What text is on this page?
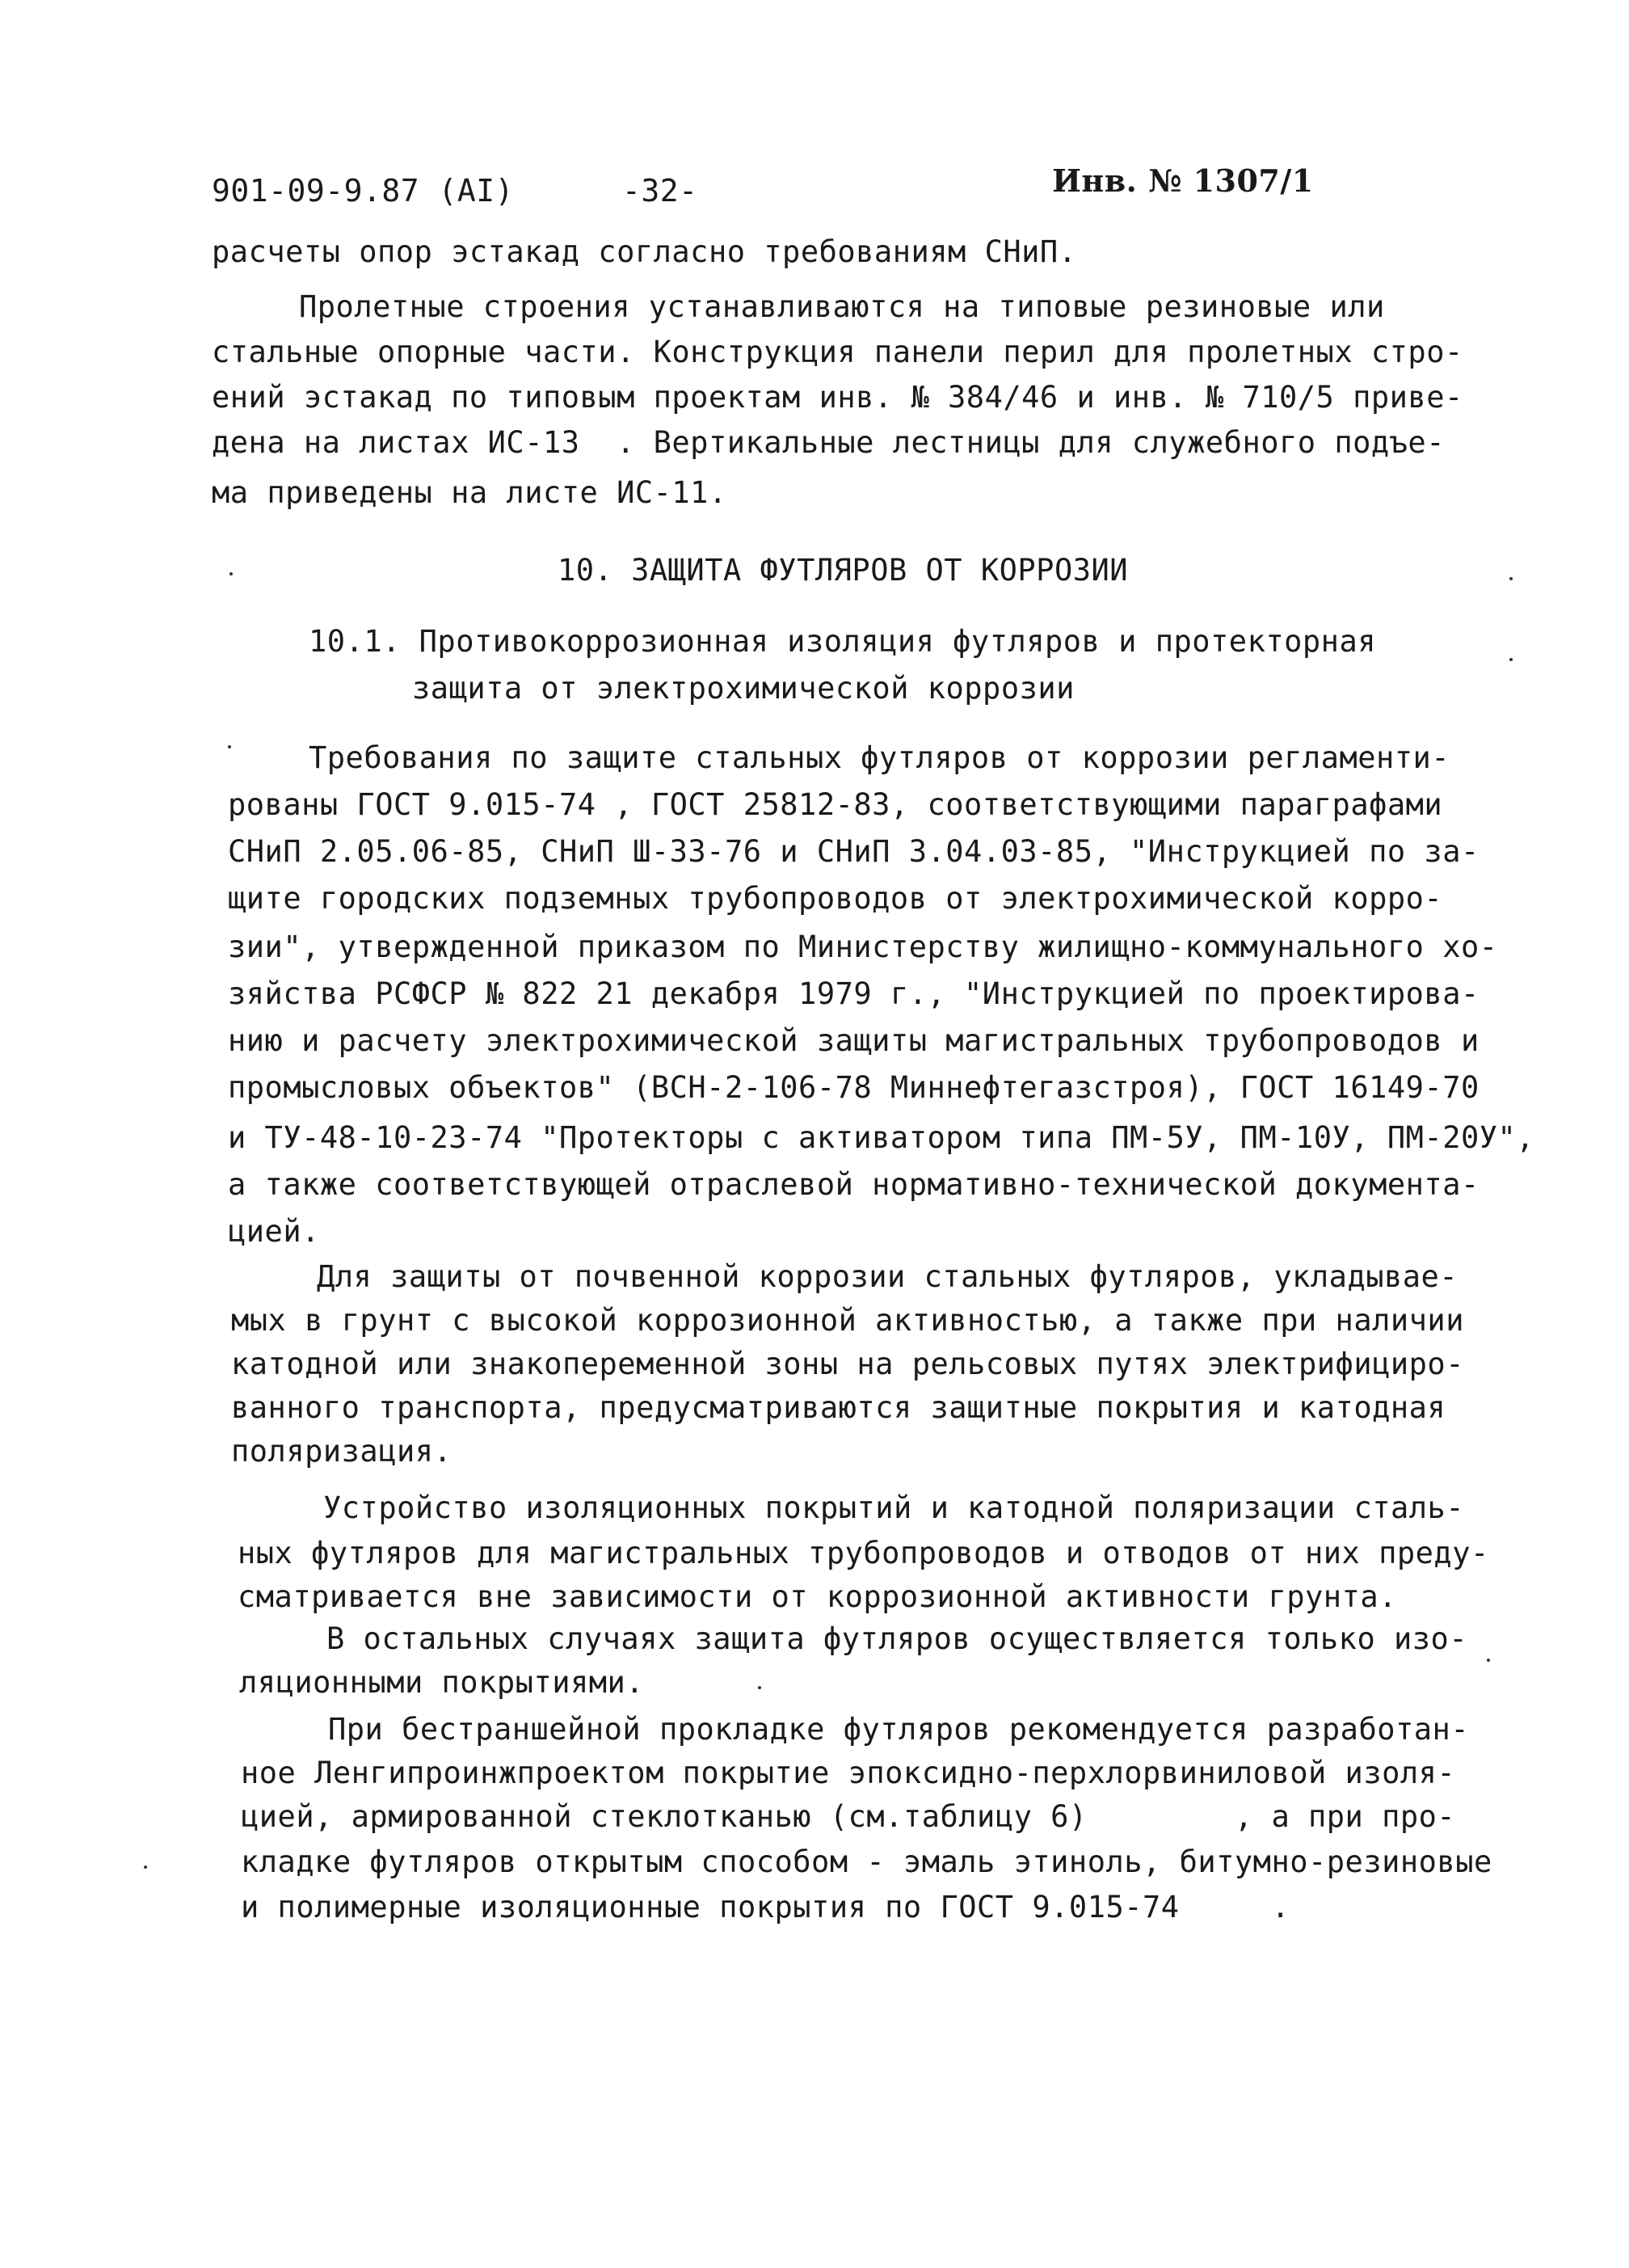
901-09-9.87 (AI)	-32-	Инв. № 1307/1
расчеты опор эстакад согласно требованиям СНиП.
Пролетные строения устанавливаются на типовые резиновые или
стальные опорные части. Конструкция панели перил для пролетных стро-
ений эстакад по типовым проектам инв. № 384/46 и инв. № 710/5 приве-
дена на листах ИС-13  . Вертикальные лестницы для служебного подъе-
ма приведены на листе ИС-11.
10. ЗАЩИТА ФУТЛЯРОВ ОТ КОРРОЗИИ
10.1. Противокоррозионная изоляция футляров и протекторная
защита от электрохимической коррозии
Требования по защите стальных футляров от коррозии регламенти-
рованы ГОСТ 9.015-74 , ГОСТ 25812-83, соответствующими параграфами
СНиП 2.05.06-85, СНиП Ш-33-76 и СНиП 3.04.03-85, "Инструкцией по за-
щите городских подземных трубопроводов от электрохимической корро-
зии", утвержденной приказом по Министерству жилищно-коммунального хо-
зяйства РСФСР № 822 21 декабря 1979 г., "Инструкцией по проектирова-
нию и расчету электрохимической защиты магистральных трубопроводов и
промысловых объектов" (ВСН-2-106-78 Миннефтегазстроя), ГОСТ 16149-70
и ТУ-48-10-23-74 "Протекторы с активатором типа ПМ-5У, ПМ-10У, ПМ-20У",
а также соответствующей отраслевой нормативно-технической документа-
цией.
Для защиты от почвенной коррозии стальных футляров, укладывае-
мых в грунт с высокой коррозионной активностью, а также при наличии
катодной или знакопеременной зоны на рельсовых путях электрифициро-
ванного транспорта, предусматриваются защитные покрытия и катодная
поляризация.
Устройство изоляционных покрытий и катодной поляризации сталь-
ных футляров для магистральных трубопроводов и отводов от них преду-
сматривается вне зависимости от коррозионной активности грунта.
В остальных случаях защита футляров осуществляется только изо-
ляционными покрытиями.
При бестраншейной прокладке футляров рекомендуется разработан-
ное Ленгипроинжпроектом покрытие эпоксидно-перхлорвиниловой изоля-
цией, армированной стеклотканью (см.таблицу 6)        , а при про-
кладке футляров открытым способом - эмаль этиноль, битумно-резиновые
и полимерные изоляционные покрытия по ГОСТ 9.015-74     .
